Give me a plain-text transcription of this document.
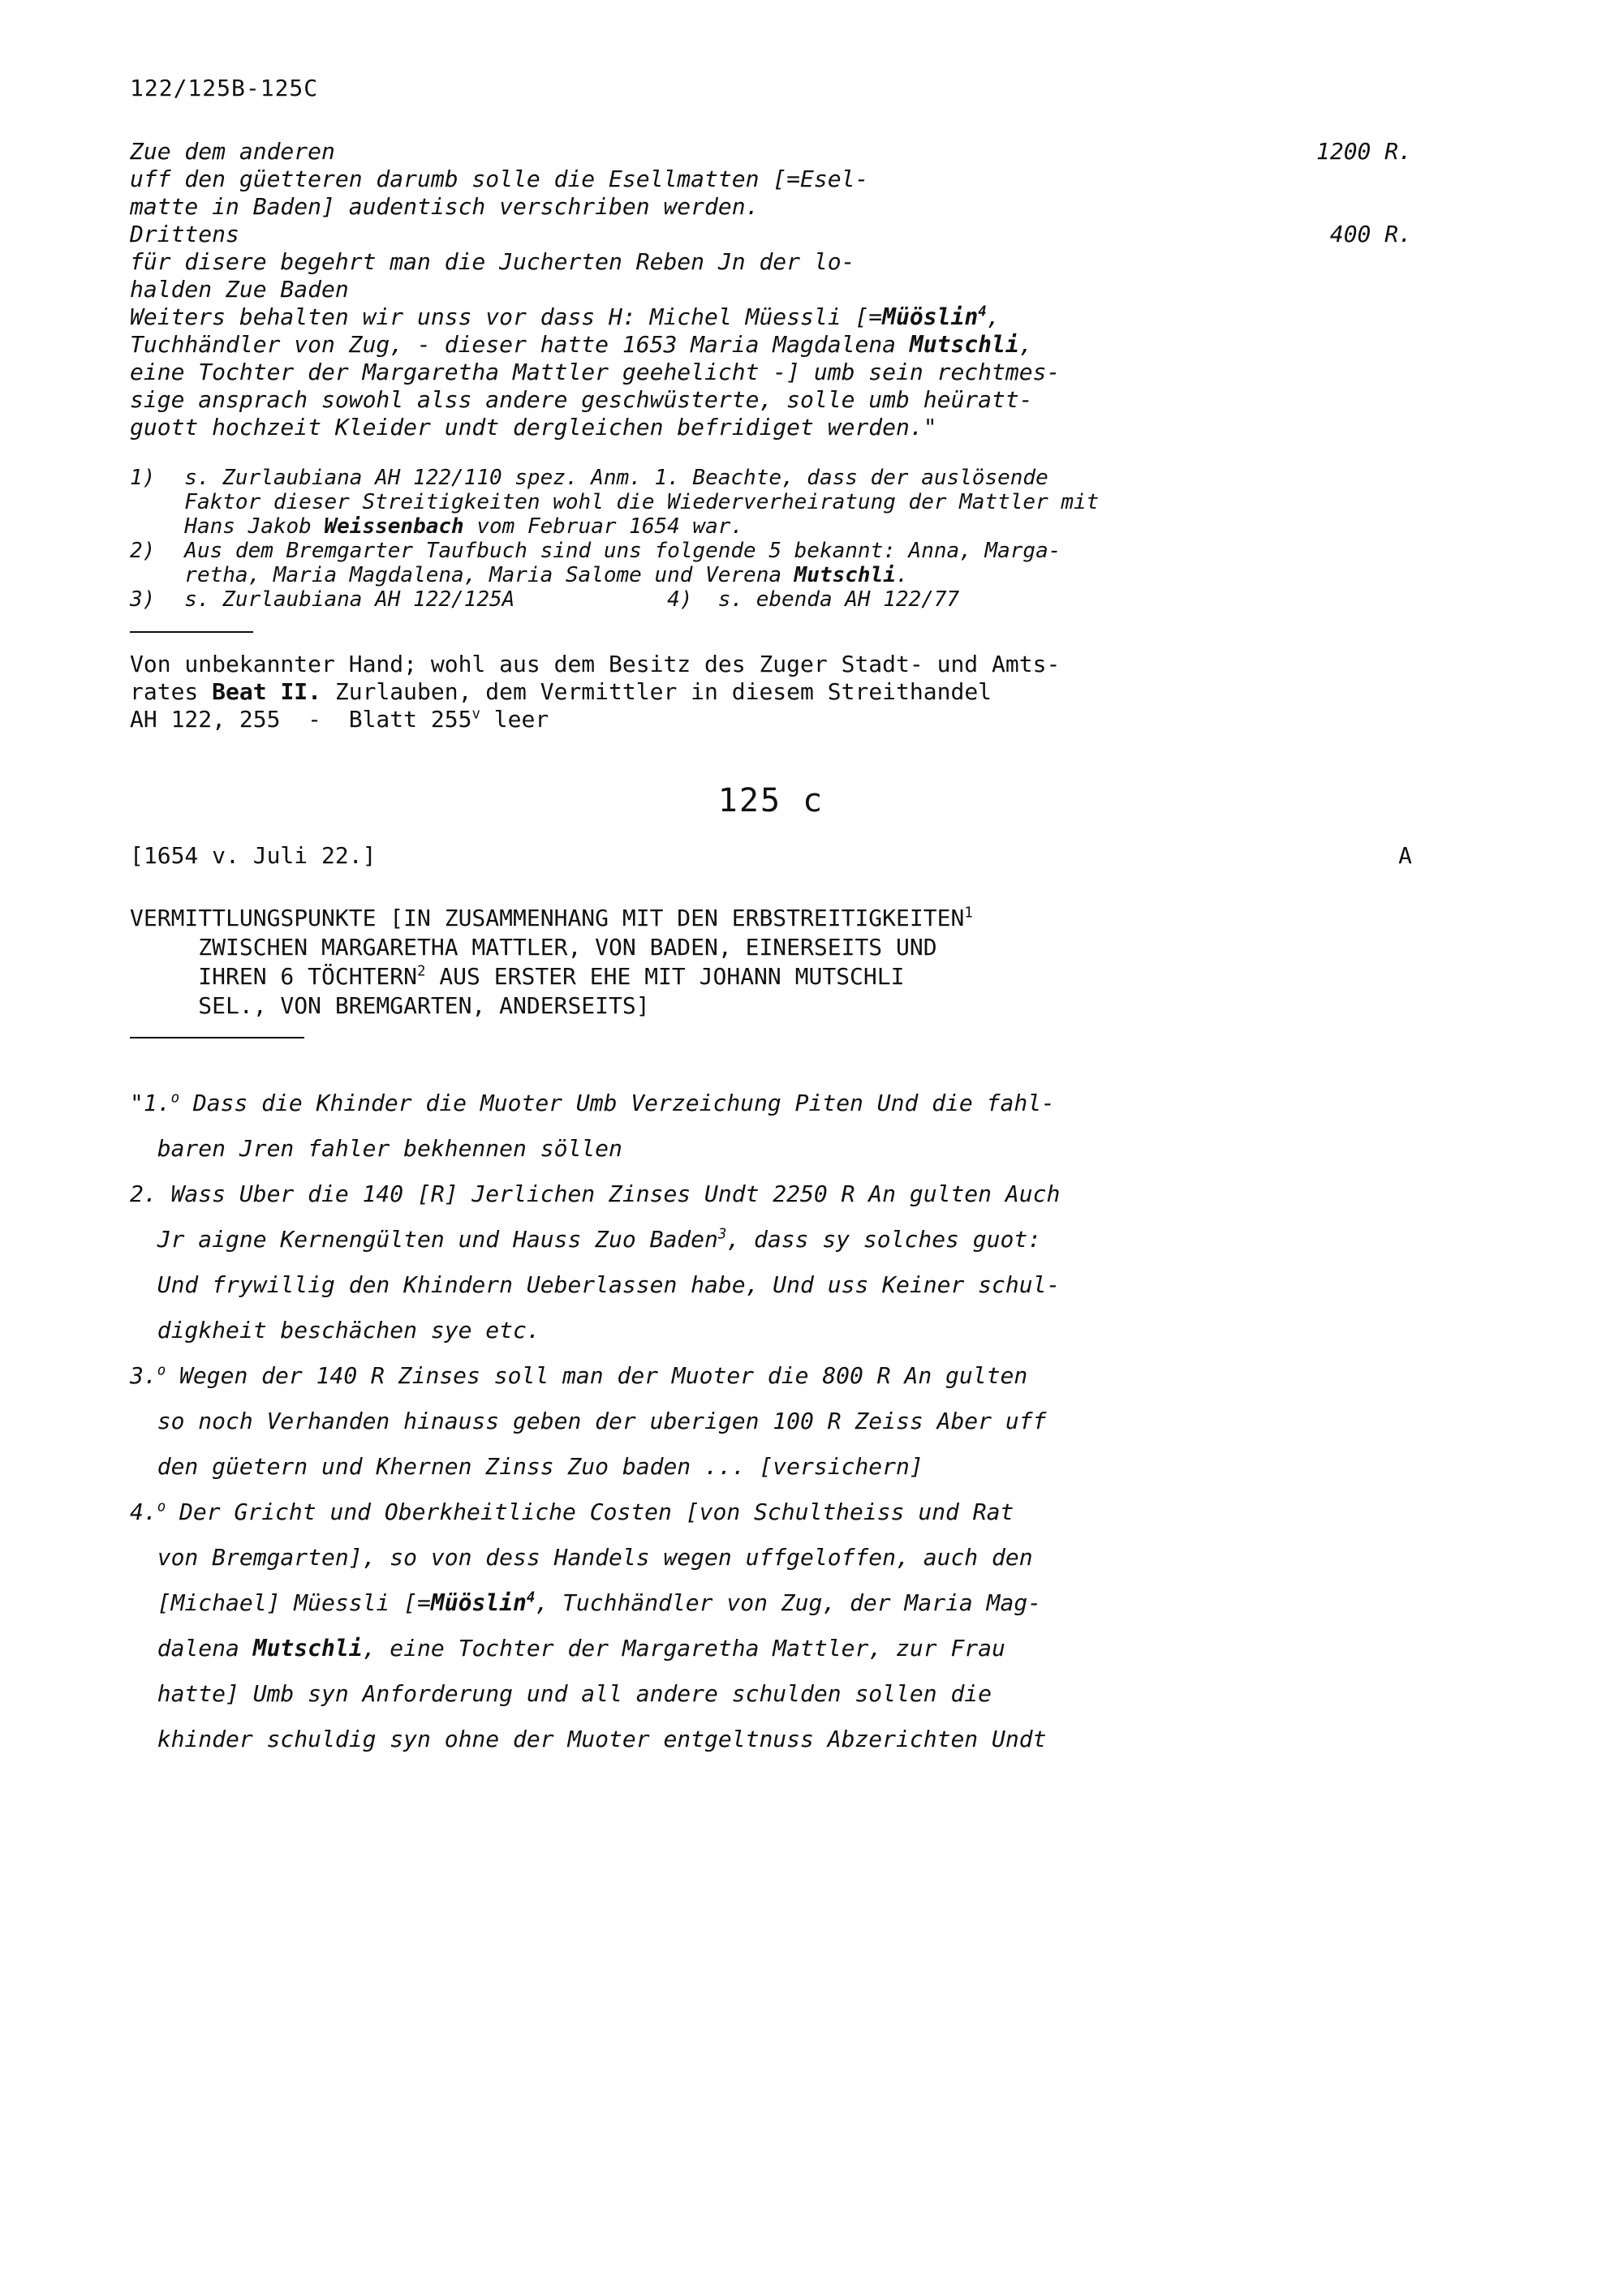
122/125B-125C
Zue dem anderen	1200 R.
uff den güetteren darumb solle die Esellmatten [=Esel-
matte in Baden] audentisch verschriben werden.
Drittens	400 R.
für disere begehrt man die Jucherten Reben Jn der lo-
halden Zue Baden
Weiters behalten wir unss vor dass H: Michel Müessli [=Müöslin$^4$,
Tuchhändler von Zug, - dieser hatte 1653 Maria Magdalena Mutschli,
eine Tochter der Margaretha Mattler geehelicht -] umb sein rechtmes-
sige ansprach sowohl alss andere geschwüsterte, solle umb heüratt-
guott hochzeit Kleider undt dergleichen befridiget werden."
1)	s. Zurlaubiana AH 122/110 spez. Anm. 1. Beachte, dass der auslösende
Faktor dieser Streitigkeiten wohl die Wiederverheiratung der Mattler mit
Hans Jakob Weissenbach vom Februar 1654 war.
2)	Aus dem Bremgarter Taufbuch sind uns folgende 5 bekannt: Anna, Marga-
retha, Maria Magdalena, Maria Salome und Verena Mutschli.
3)	s. Zurlaubiana AH 122/125A            4)  s. ebenda AH 122/77
Von unbekannter Hand; wohl aus dem Besitz des Zuger Stadt- und Amts-
rates Beat II. Zurlauben, dem Vermittler in diesem Streithandel
AH 122, 255  -  Blatt 255$^v$ leer
125 c
[1654 v. Juli 22.]	A
VERMITTLUNGSPUNKTE [IN ZUSAMMENHANG MIT DEN ERBSTREITIGKEITEN$^1$
ZWISCHEN MARGARETHA MATTLER, VON BADEN, EINERSEITS UND
IHREN 6 TÖCHTERN$^2$ AUS ERSTER EHE MIT JOHANN MUTSCHLI
SEL., VON BREMGARTEN, ANDERSEITS]
"1.$^o$ Dass die Khinder die Muoter Umb Verzeichung Piten Und die fahl-
baren Jren fahler bekhennen söllen
2. Wass Uber die 140 [R] Jerlichen Zinses Undt 2250 R An gulten Auch
Jr aigne Kernengülten und Hauss Zuo Baden$^3$, dass sy solches guot:
Und frywillig den Khindern Ueberlassen habe, Und uss Keiner schul-
digkheit beschächen sye etc.
3.$^o$ Wegen der 140 R Zinses soll man der Muoter die 800 R An gulten
so noch Verhanden hinauss geben der uberigen 100 R Zeiss Aber uff
den güetern und Khernen Zinss Zuo baden ... [versichern]
4.$^o$ Der Gricht und Oberkheitliche Costen [von Schultheiss und Rat
von Bremgarten], so von dess Handels wegen uffgeloffen, auch den
[Michael] Müessli [=Müöslin$^4$, Tuchhändler von Zug, der Maria Mag-
dalena Mutschli, eine Tochter der Margaretha Mattler, zur Frau
hatte] Umb syn Anforderung und all andere schulden sollen die
khinder schuldig syn ohne der Muoter entgeltnuss Abzerichten Undt
